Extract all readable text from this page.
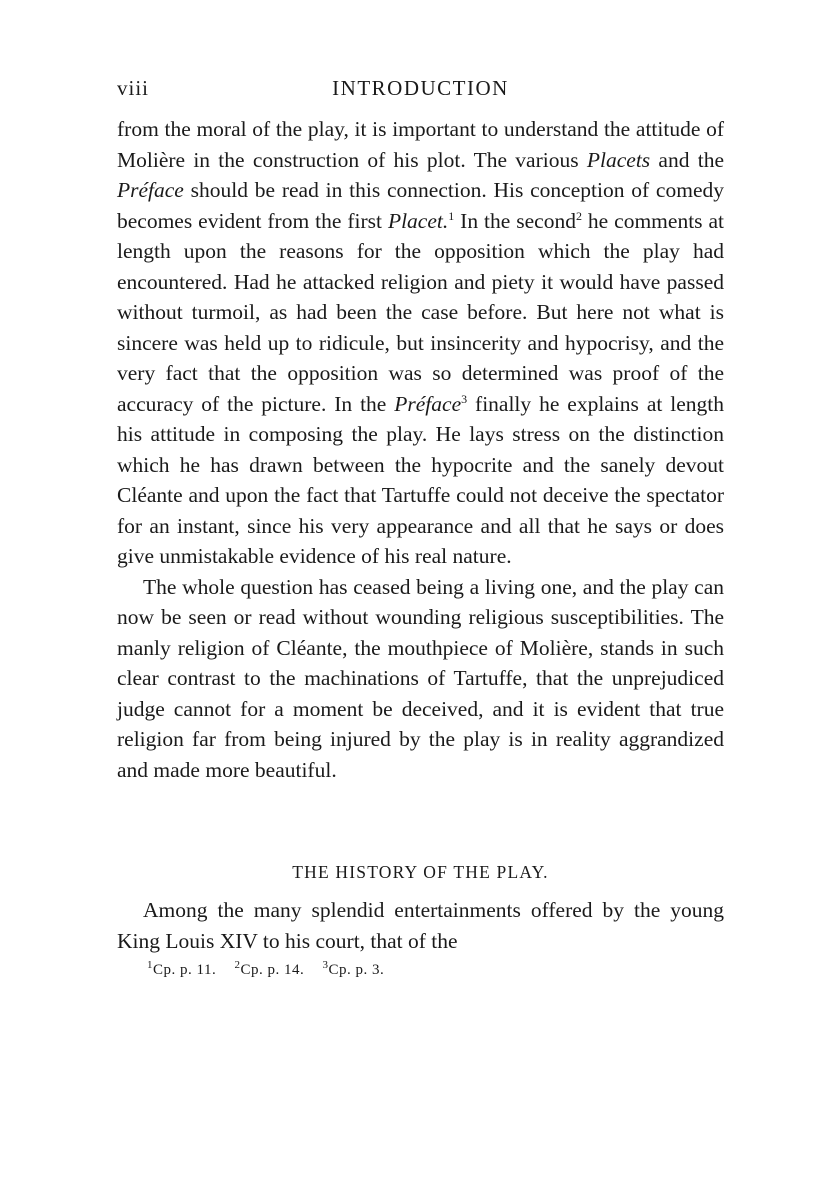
viii	INTRODUCTION

from the moral of the play, it is important to understand the attitude of Molière in the construction of his plot. The various Placets and the Préface should be read in this connection. His conception of comedy becomes evident from the first Placet.$^1$ In the second$^2$ he comments at length upon the reasons for the opposition which the play had encountered. Had he attacked religion and piety it would have passed without turmoil, as had been the case before. But here not what is sincere was held up to ridicule, but insincerity and hypocrisy, and the very fact that the opposition was so determined was proof of the accuracy of the picture. In the Préface$^3$ finally he explains at length his attitude in composing the play. He lays stress on the distinction which he has drawn between the hypocrite and the sanely devout Cléante and upon the fact that Tartuffe could not deceive the spectator for an instant, since his very appearance and all that he says or does give unmistakable evidence of his real nature.

The whole question has ceased being a living one, and the play can now be seen or read without wounding religious susceptibilities. The manly religion of Cléante, the mouthpiece of Molière, stands in such clear contrast to the machinations of Tartuffe, that the unprejudiced judge cannot for a moment be deceived, and it is evident that true religion far from being injured by the play is in reality aggrandized and made more beautiful.

THE HISTORY OF THE PLAY.

Among the many splendid entertainments offered by the young King Louis XIV to his court, that of the

$^1$Cp. p. 11. $^2$Cp. p. 14. $^3$Cp. p. 3.
